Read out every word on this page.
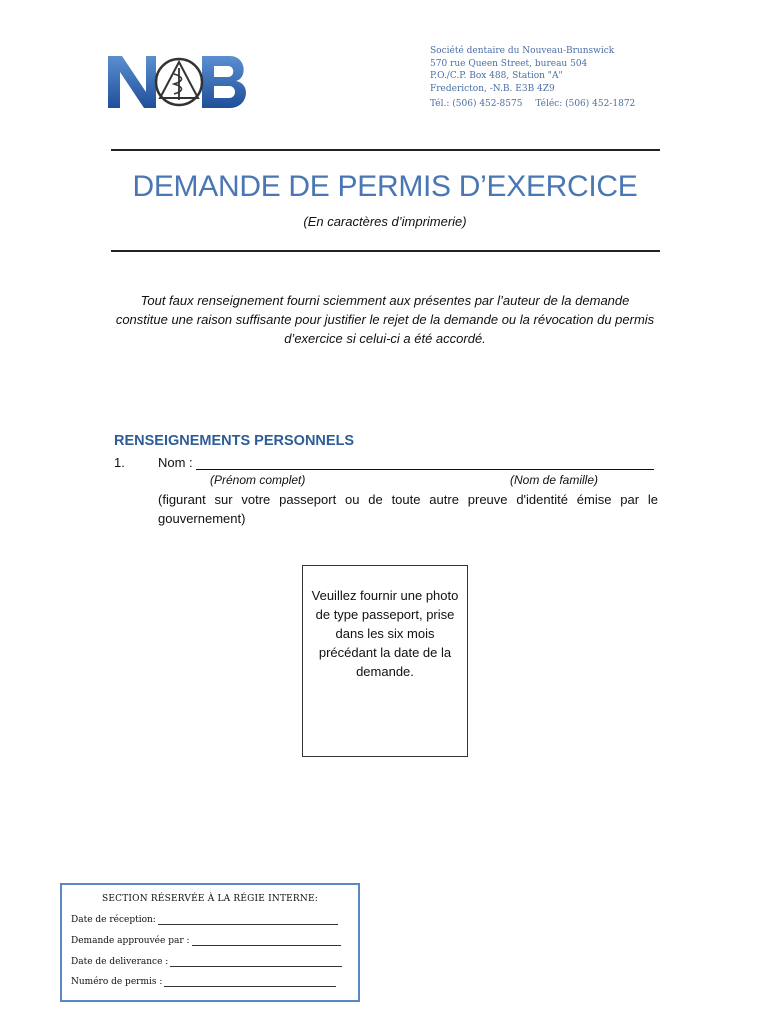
NB	Société dentaire du Nouveau-Brunswick
570 rue Queen Street, bureau 504
P.O./C.P. Box 488, Station "A"
Fredericton, -N.B. E3B 4Z9
Tél.: (506) 452-8575 Téléc: (506) 452-1872
DEMANDE DE PERMIS D’EXERCICE
(En caractères d’imprimerie)
Tout faux renseignement fourni sciemment aux présentes par l’auteur de la demande constitue une raison suffisante pour justifier le rejet de la demande ou la révocation du permis d’exercice si celui-ci a été accordé.
RENSEIGNEMENTS PERSONNELS
1.	Nom :
(Prénom complet)	(Nom de famille)
(figurant sur votre passeport ou de toute autre preuve d'identité émise par le gouvernement)
Veuillez fournir une photo de type passeport, prise dans les six mois précédant la date de la demande.
SECTION RÉSERVÉE À LA RÉGIE INTERNE:
Date de réception:
Demande approuvée par :
Date de deliverance :
Numéro de permis :
